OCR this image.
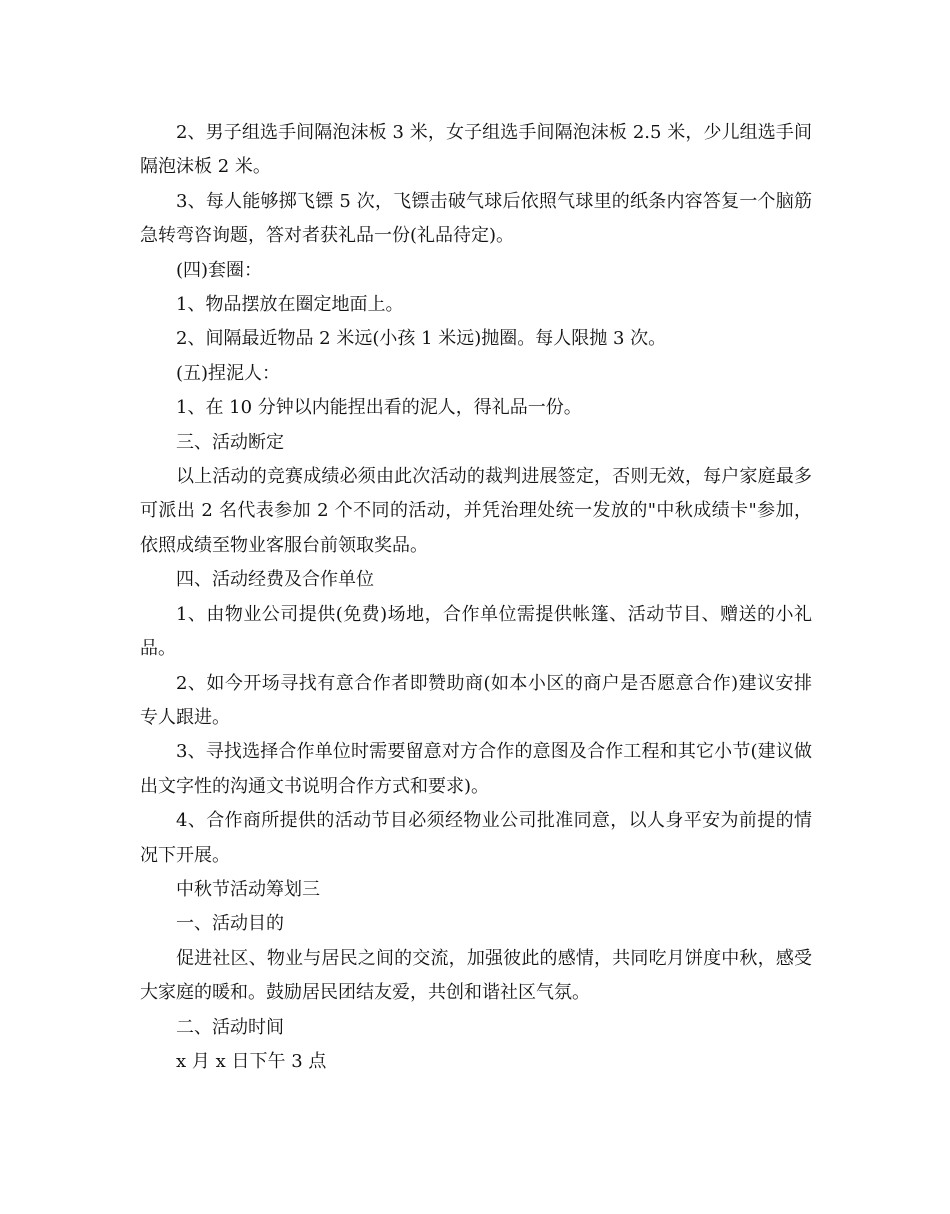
2、男子组选手间隔泡沫板 3 米，女子组选手间隔泡沫板 2.5 米，少儿组选手间隔泡沫板 2 米。

3、每人能够掷飞镖 5 次，飞镖击破气球后依照气球里的纸条内容答复一个脑筋急转弯咨询题，答对者获礼品一份(礼品待定)。

(四)套圈：

1、物品摆放在圈定地面上。

2、间隔最近物品 2 米远(小孩 1 米远)抛圈。每人限抛 3 次。

(五)捏泥人：

1、在 10 分钟以内能捏出看的泥人，得礼品一份。

三、活动断定

以上活动的竞赛成绩必须由此次活动的裁判进展签定，否则无效，每户家庭最多可派出 2 名代表参加 2 个不同的活动，并凭治理处统一发放的"中秋成绩卡"参加，依照成绩至物业客服台前领取奖品。

四、活动经费及合作单位

1、由物业公司提供(免费)场地，合作单位需提供帐篷、活动节目、赠送的小礼品。

2、如今开场寻找有意合作者即赞助商(如本小区的商户是否愿意合作)建议安排专人跟进。

3、寻找选择合作单位时需要留意对方合作的意图及合作工程和其它小节(建议做出文字性的沟通文书说明合作方式和要求)。

4、合作商所提供的活动节目必须经物业公司批准同意，以人身平安为前提的情况下开展。

中秋节活动筹划三

一、活动目的

促进社区、物业与居民之间的交流，加强彼此的感情，共同吃月饼度中秋，感受大家庭的暖和。鼓励居民团结友爱，共创和谐社区气氛。

二、活动时间

x 月 x 日下午 3 点
